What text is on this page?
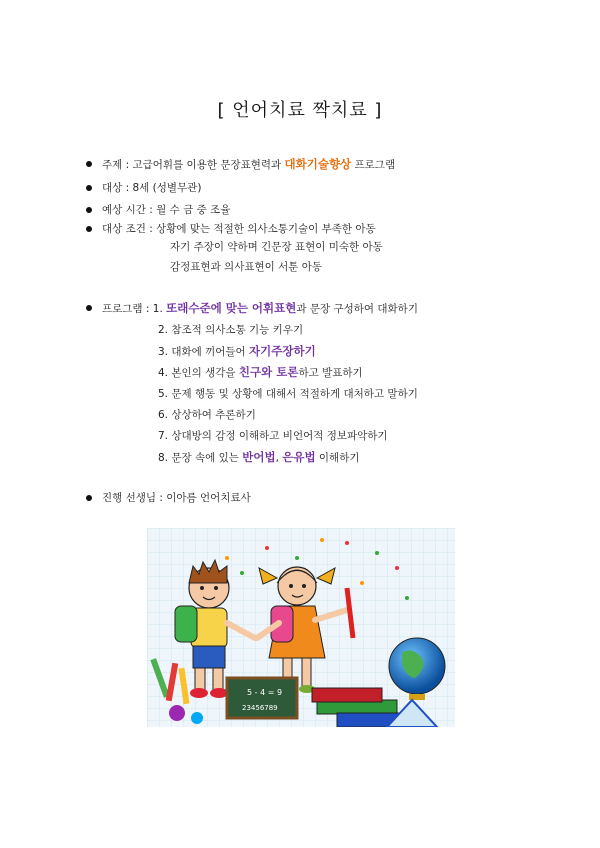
[ 언어치료 짝치료 ]
주제 : 고급어휘를 이용한 문장표현력과 대화기술향상 프로그램
대상 : 8세 (성별무관)
예상 시간 : 월 수 금 중 조율
대상 조건 : 상황에 맞는 적절한 의사소통기술이 부족한 아동
자기 주장이 약하며 긴문장 표현이 미숙한 아동
감정표현과 의사표현이 서툰 아동
프로그램 : 1. 또래수준에 맞는 어휘표현과 문장 구성하여 대화하기
2. 참조적 의사소통 기능 키우기
3. 대화에 끼어들어 자기주장하기
4. 본인의 생각을 친구와 토론하고 발표하기
5. 문제 행동 및 상황에 대해서 적절하게 대처하고 말하기
6. 상상하여 추론하기
7. 상대방의 감정 이해하고 비언어적 정보파악하기
8. 문장 속에 있는 반어법, 은유법 이해하기
진행 선생님 : 이아름 언어치료사
5 - 4 = 9
23456789
